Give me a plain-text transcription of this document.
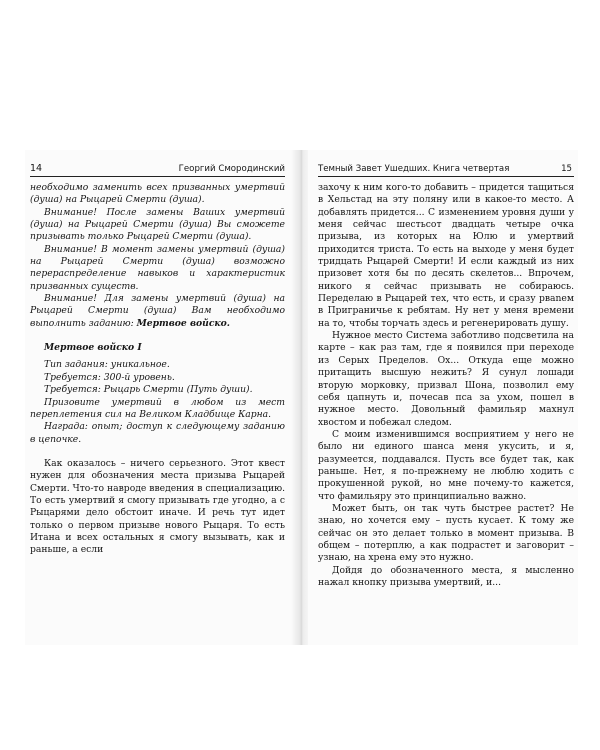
14	Георгий Смородинский

необходимо заменить всех призванных умертвий (душа) на Рыцарей Смерти (душа).

Внимание! После замены Ваших умертвий (душа) на Рыцарей Смерти (душа) Вы сможете призывать только Рыцарей Смерти (душа).

Внимание! В момент замены умертвий (душа) на Рыцарей Смерти (душа) возможно перераспределение навыков и характеристик призванных существ.

Внимание! Для замены умертвий (душа) на Рыцарей Смерти (душа) Вам необходимо выполнить заданию: Мертвое войско.

Мертвое войско I

Тип задания: уникальное.

Требуется: 300-й уровень.

Требуется: Рыцарь Смерти (Путь души).

Призовите умертвий в любом из мест переплетения сил на Великом Кладбище Карна.

Награда: опыт; доступ к следующему заданию в цепочке.

Как оказалось – ничего серьезного. Этот квест нужен для обозначения места призыва Рыцарей Смерти. Что-то навроде введения в специализацию. То есть умертвий я смогу призывать где угодно, а с Рыцарями дело обстоит иначе. И речь тут идет только о первом призыве нового Рыцаря. То есть Итана и всех остальных я смогу вызывать, как и раньше, а если

Темный Завет Ушедших. Книга четвертая	15

захочу к ним кого-то добавить – придется тащиться в Хельстад на эту поляну или в какое-то место. А добавлять придется... С изменением уровня души у меня сейчас шестьсот двадцать четыре очка призыва, из которых на Юлю и умертвий приходится триста. То есть на выходе у меня будет тридцать Рыцарей Смерти! И если каждый из них призовет хотя бы по десять скелетов... Впрочем, никого я сейчас призывать не собираюсь. Переделаю в Рыцарей тех, что есть, и сразу рвanем в Приграничье к ребятам. Ну нет у меня времени на то, чтобы торчать здесь и регенерировать душу.

Нужное место Система заботливо подсветила на карте – как раз там, где я появился при переходе из Серых Пределов. Ох... Откуда еще можно притащить высшую нежить? Я сунул лошади вторую морковку, призвал Шона, позволил ему себя цапнуть и, почесав пса за ухом, пошел в нужное место. Довольный фамильяр махнул хвостом и побежал следом.

С моим изменившимся восприятием у него не было ни единого шанса меня укусить, и я, разумеется, поддавался. Пусть все будет так, как раньше. Нет, я по-прежнему не люблю ходить с прокушенной рукой, но мне почему-то кажется, что фамильяру это принципиально важно.

Может быть, он так чуть быстрее растет? Не знаю, но хочется ему – пусть кусает. К тому же сейчас он это делает только в момент призыва. В общем – потерплю, а как подрастет и заговорит – узнаю, на хрена ему это нужно.

Дойдя до обозначенного места, я мысленно нажал кнопку призыва умертвий, и...
